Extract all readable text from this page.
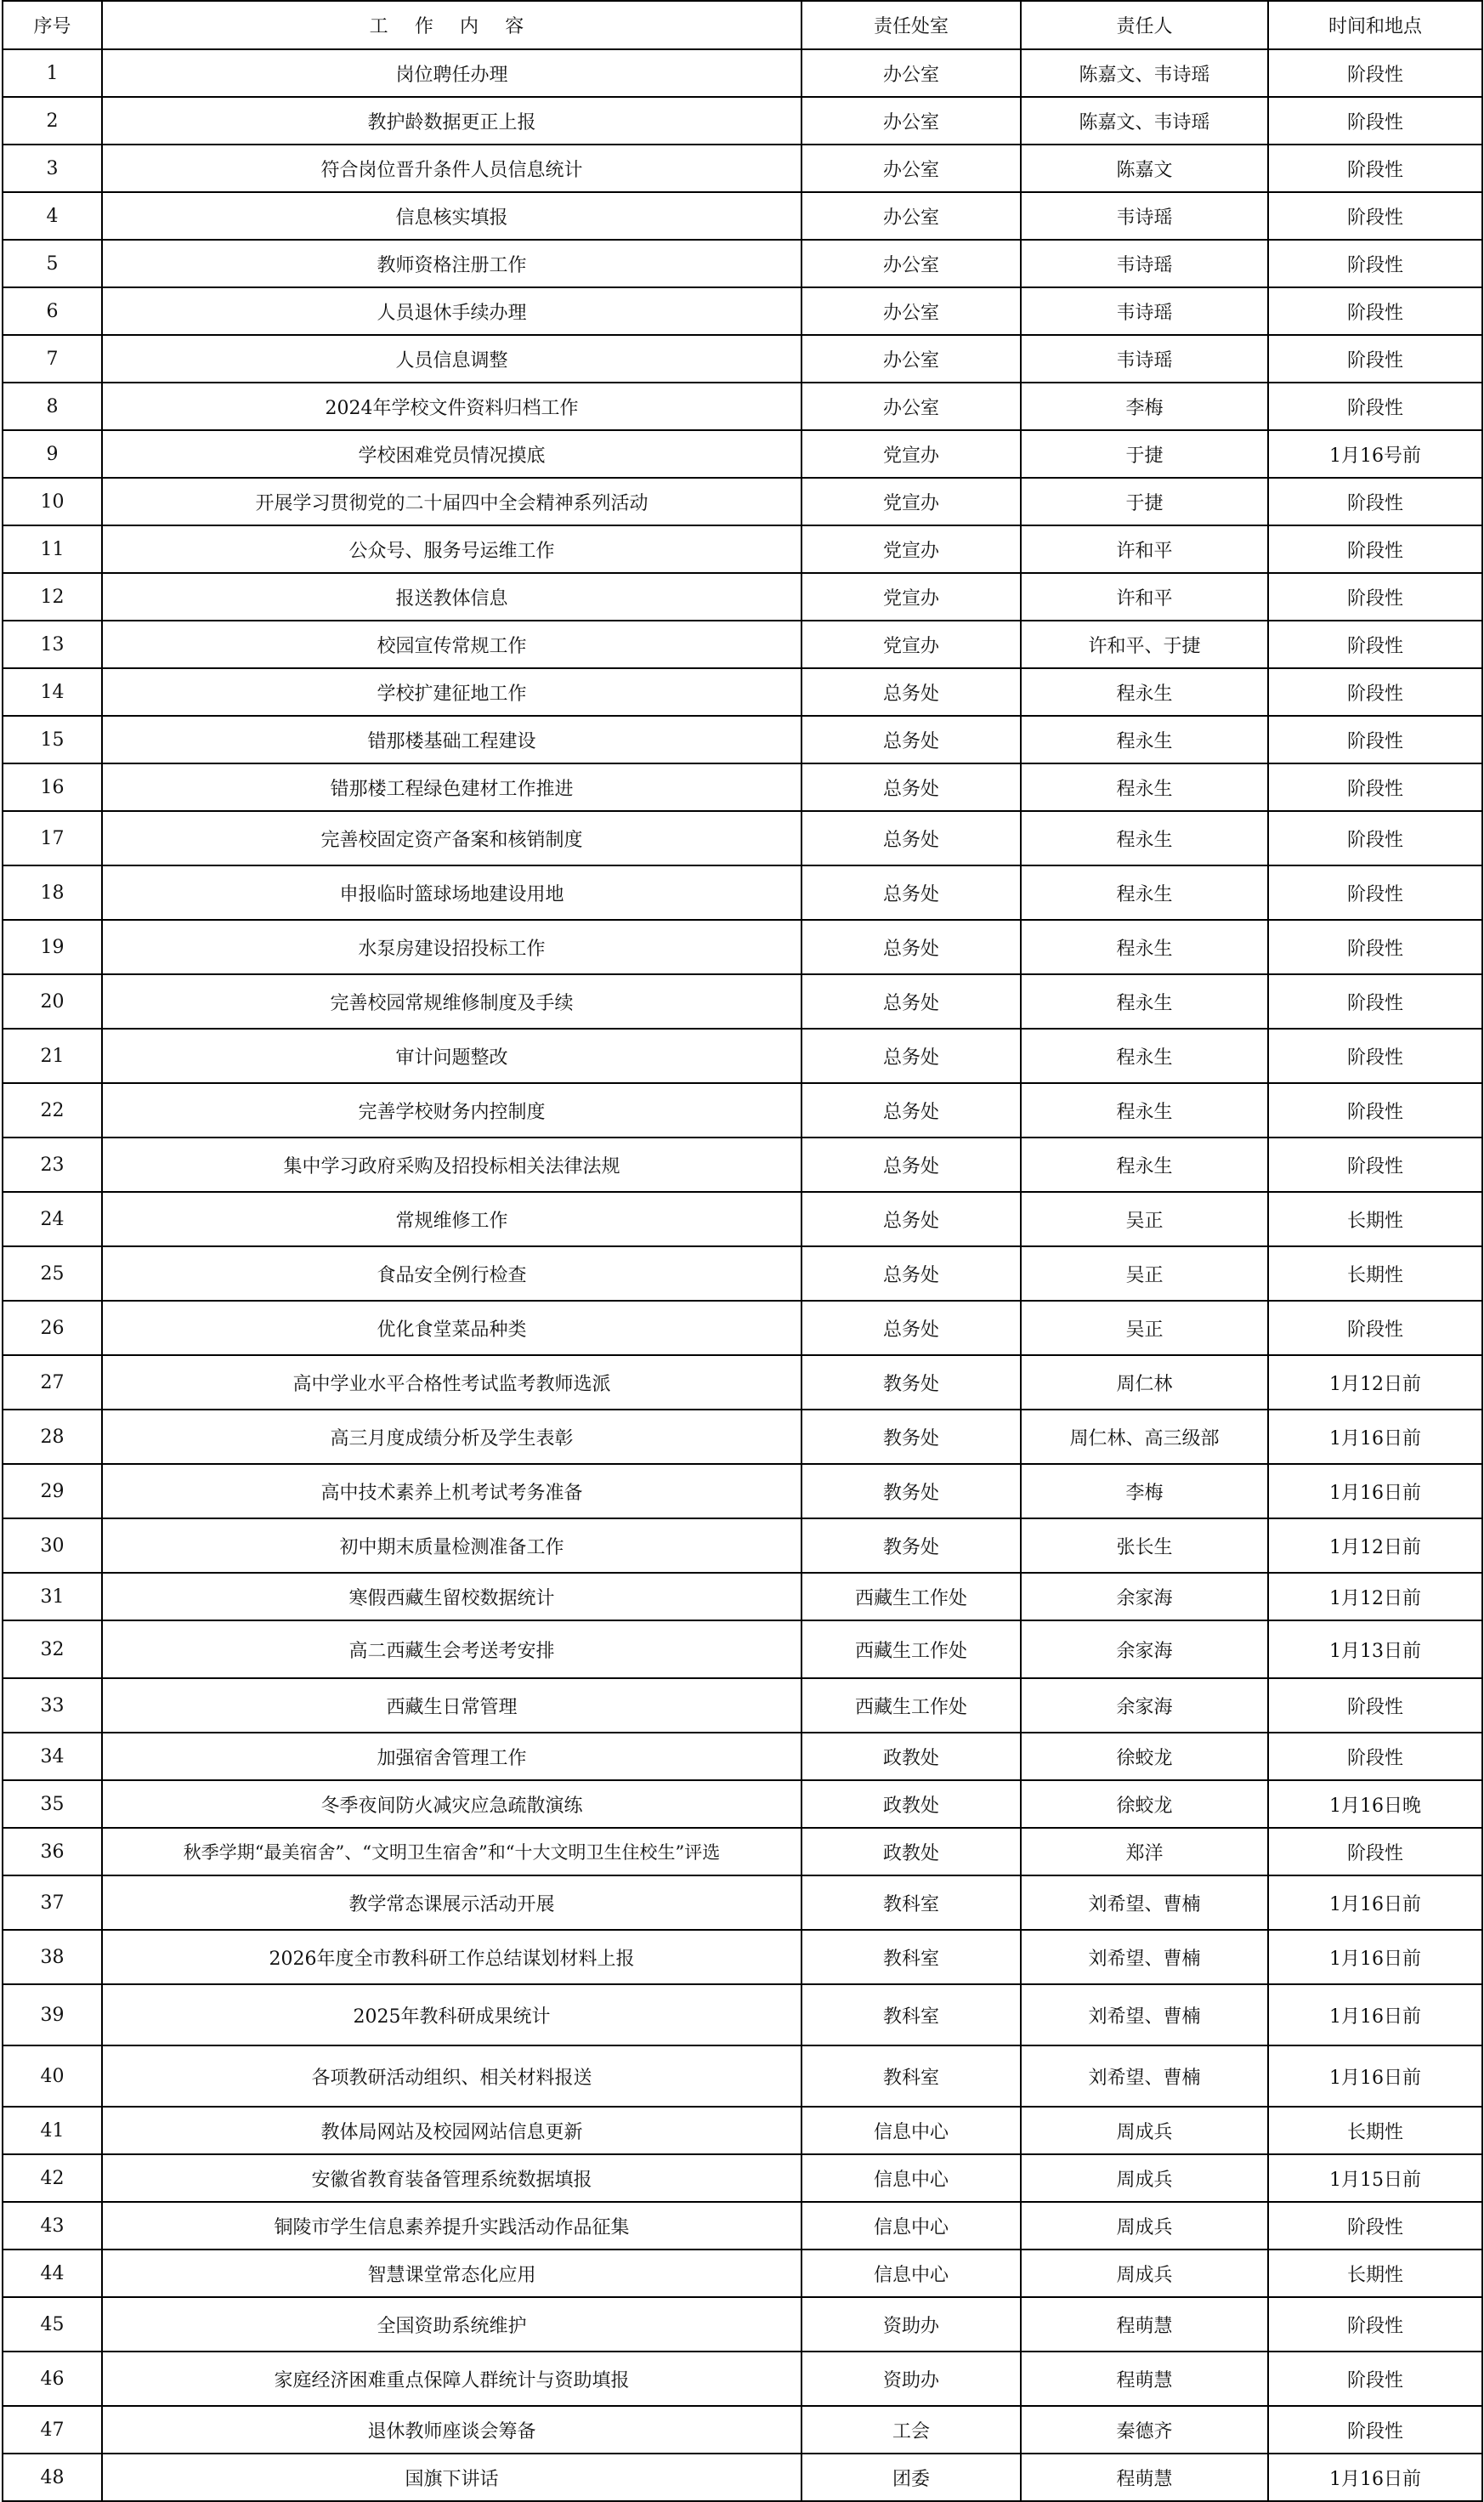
序号	工 作 内 容	责任处室	责任人	时间和地点
1	岗位聘任办理	办公室	陈嘉文、韦诗瑶	阶段性
2	教护龄数据更正上报	办公室	陈嘉文、韦诗瑶	阶段性
3	符合岗位晋升条件人员信息统计	办公室	陈嘉文	阶段性
4	信息核实填报	办公室	韦诗瑶	阶段性
5	教师资格注册工作	办公室	韦诗瑶	阶段性
6	人员退休手续办理	办公室	韦诗瑶	阶段性
7	人员信息调整	办公室	韦诗瑶	阶段性
8	2024年学校文件资料归档工作	办公室	李梅	阶段性
9	学校困难党员情况摸底	党宣办	于捷	1月16号前
10	开展学习贯彻党的二十届四中全会精神系列活动	党宣办	于捷	阶段性
11	公众号、服务号运维工作	党宣办	许和平	阶段性
12	报送教体信息	党宣办	许和平	阶段性
13	校园宣传常规工作	党宣办	许和平、于捷	阶段性
14	学校扩建征地工作	总务处	程永生	阶段性
15	错那楼基础工程建设	总务处	程永生	阶段性
16	错那楼工程绿色建材工作推进	总务处	程永生	阶段性
17	完善校固定资产备案和核销制度	总务处	程永生	阶段性
18	申报临时篮球场地建设用地	总务处	程永生	阶段性
19	水泵房建设招投标工作	总务处	程永生	阶段性
20	完善校园常规维修制度及手续	总务处	程永生	阶段性
21	审计问题整改	总务处	程永生	阶段性
22	完善学校财务内控制度	总务处	程永生	阶段性
23	集中学习政府采购及招投标相关法律法规	总务处	程永生	阶段性
24	常规维修工作	总务处	吴正	长期性
25	食品安全例行检查	总务处	吴正	长期性
26	优化食堂菜品种类	总务处	吴正	阶段性
27	高中学业水平合格性考试监考教师选派	教务处	周仁林	1月12日前
28	高三月度成绩分析及学生表彰	教务处	周仁林、高三级部	1月16日前
29	高中技术素养上机考试考务准备	教务处	李梅	1月16日前
30	初中期末质量检测准备工作	教务处	张长生	1月12日前
31	寒假西藏生留校数据统计	西藏生工作处	余家海	1月12日前
32	高二西藏生会考送考安排	西藏生工作处	余家海	1月13日前
33	西藏生日常管理	西藏生工作处	余家海	阶段性
34	加强宿舍管理工作	政教处	徐蛟龙	阶段性
35	冬季夜间防火减灾应急疏散演练	政教处	徐蛟龙	1月16日晚
36	秋季学期“最美宿舍”、“文明卫生宿舍”和“十大文明卫生住校生”评选	政教处	郑洋	阶段性
37	教学常态课展示活动开展	教科室	刘希望、曹楠	1月16日前
38	2026年度全市教科研工作总结谋划材料上报	教科室	刘希望、曹楠	1月16日前
39	2025年教科研成果统计	教科室	刘希望、曹楠	1月16日前
40	各项教研活动组织、相关材料报送	教科室	刘希望、曹楠	1月16日前
41	教体局网站及校园网站信息更新	信息中心	周成兵	长期性
42	安徽省教育装备管理系统数据填报	信息中心	周成兵	1月15日前
43	铜陵市学生信息素养提升实践活动作品征集	信息中心	周成兵	阶段性
44	智慧课堂常态化应用	信息中心	周成兵	长期性
45	全国资助系统维护	资助办	程萌慧	阶段性
46	家庭经济困难重点保障人群统计与资助填报	资助办	程萌慧	阶段性
47	退休教师座谈会筹备	工会	秦德齐	阶段性
48	国旗下讲话	团委	程萌慧	1月16日前
